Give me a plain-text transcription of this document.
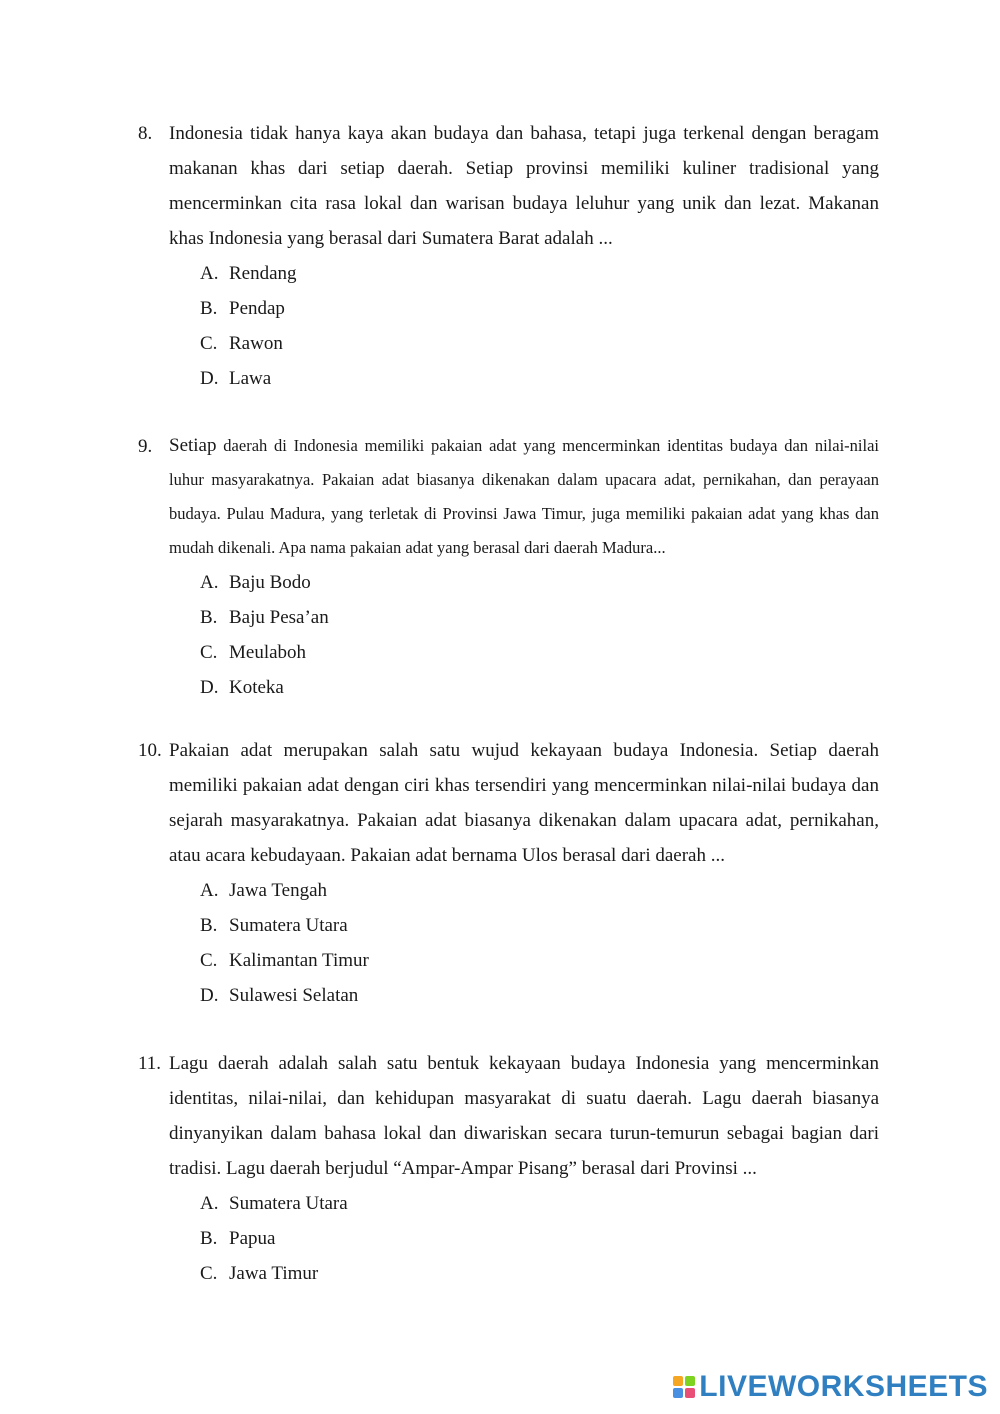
8. Indonesia tidak hanya kaya akan budaya dan bahasa, tetapi juga terkenal dengan beragam makanan khas dari setiap daerah. Setiap provinsi memiliki kuliner tradisional yang mencerminkan cita rasa lokal dan warisan budaya leluhur yang unik dan lezat. Makanan khas Indonesia yang berasal dari Sumatera Barat adalah ...

A. Rendang
B. Pendap
C. Rawon
D. Lawa
9. Setiap daerah di Indonesia memiliki pakaian adat yang mencerminkan identitas budaya dan nilai-nilai luhur masyarakatnya. Pakaian adat biasanya dikenakan dalam upacara adat, pernikahan, dan perayaan budaya. Pulau Madura, yang terletak di Provinsi Jawa Timur, juga memiliki pakaian adat yang khas dan mudah dikenali. Apa nama pakaian adat yang berasal dari daerah Madura...

A. Baju Bodo
B. Baju Pesa’an
C. Meulaboh
D. Koteka
10. Pakaian adat merupakan salah satu wujud kekayaan budaya Indonesia. Setiap daerah memiliki pakaian adat dengan ciri khas tersendiri yang mencerminkan nilai-nilai budaya dan sejarah masyarakatnya. Pakaian adat biasanya dikenakan dalam upacara adat, pernikahan, atau acara kebudayaan. Pakaian adat bernama Ulos berasal dari daerah ...

A. Jawa Tengah
B. Sumatera Utara
C. Kalimantan Timur
D. Sulawesi Selatan
11. Lagu daerah adalah salah satu bentuk kekayaan budaya Indonesia yang mencerminkan identitas, nilai-nilai, dan kehidupan masyarakat di suatu daerah. Lagu daerah biasanya dinyanyikan dalam bahasa lokal dan diwariskan secara turun-temurun sebagai bagian dari tradisi. Lagu daerah berjudul “Ampar-Ampar Pisang” berasal dari Provinsi ...

A. Sumatera Utara
B. Papua
C. Jawa Timur
LIVEWORKSHEETS
